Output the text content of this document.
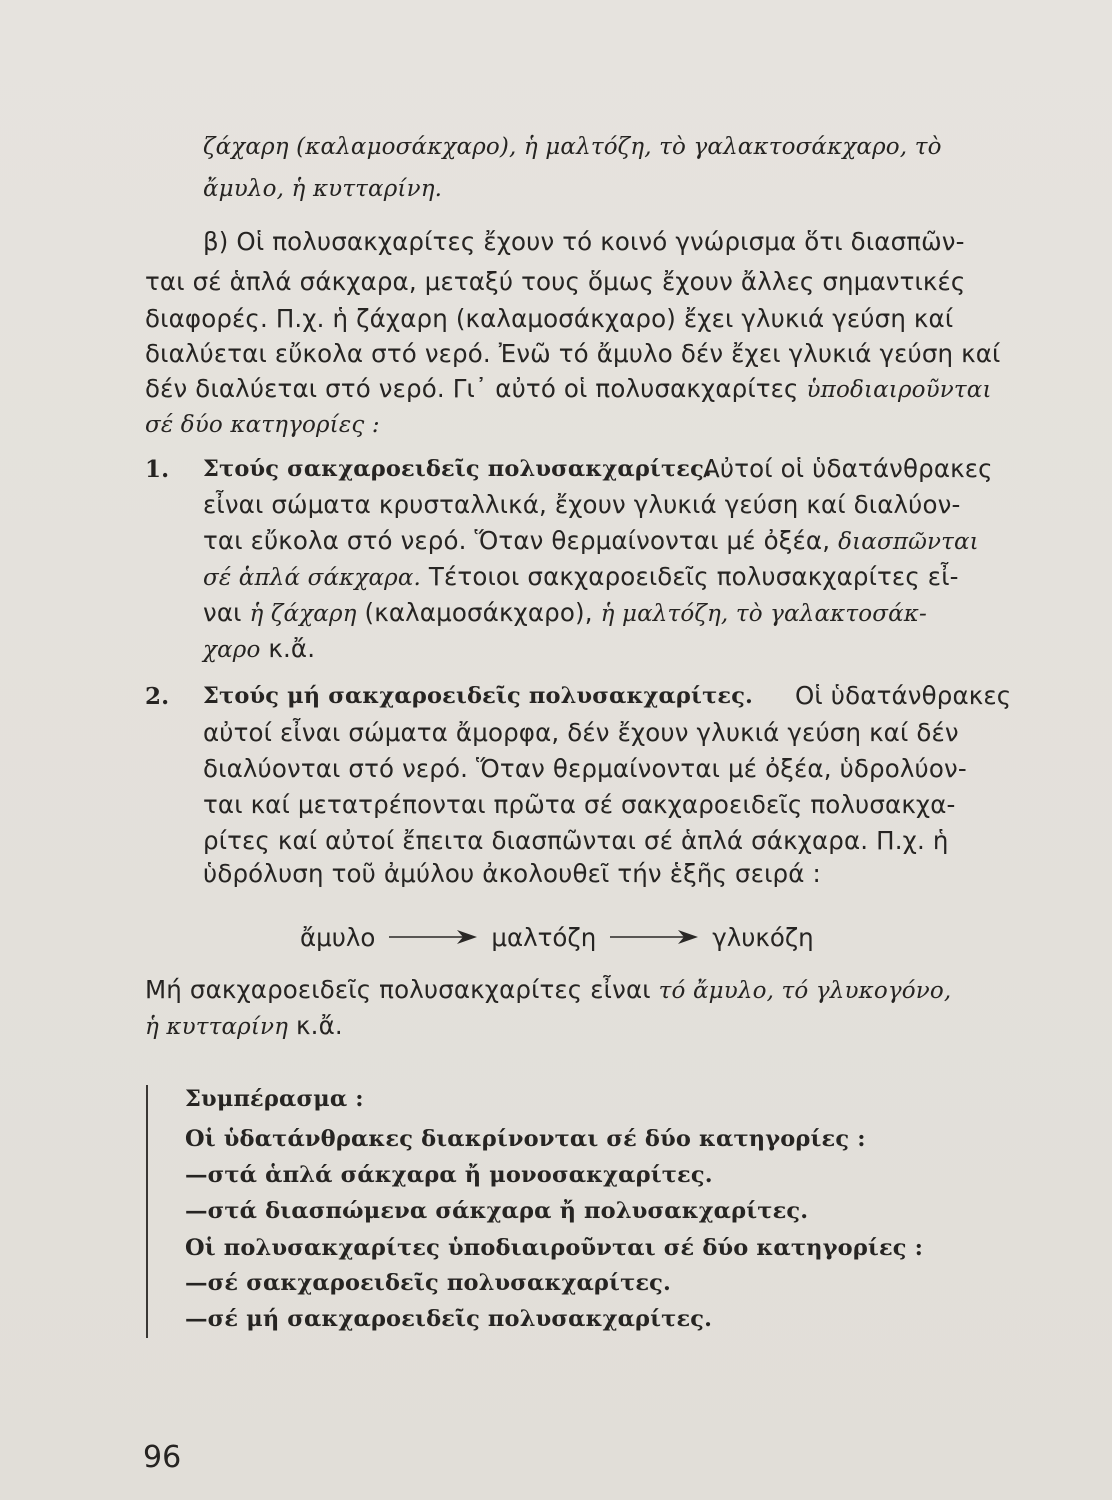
ζάχαρη (καλαμοσάκχαρο), ἡ μαλτόζη, τὸ γαλακτοσάκχαρο, τὸ
ἄμυλο, ἡ κυτταρίνη.
β) Οἱ πολυσακχαρίτες ἔχουν τό κοινό γνώρισμα ὅτι διασπῶν-
ται σέ ἁπλά σάκχαρα, μεταξύ τους ὅμως ἔχουν ἄλλες σημαντικές
διαφορές. Π.χ. ἡ ζάχαρη (καλαμοσάκχαρο) ἔχει γλυκιά γεύση καί
διαλύεται εὔκολα στό νερό. Ἐνῶ τό ἄμυλο δέν ἔχει γλυκιά γεύση καί
δέν διαλύεται στό νερό. Γι᾿ αὐτό οἱ πολυσακχαρίτες ὑποδιαιροῦνται
σέ δύο κατηγορίες :
1. Στούς σακχαροειδεῖς πολυσακχαρίτες.
Αὐτοί οἱ ὑδατάνθρακες
εἶναι σώματα κρυσταλλικά, ἔχουν γλυκιά γεύση καί διαλύον-
ται εὔκολα στό νερό. Ὅταν θερμαίνονται μέ ὀξέα, διασπῶνται
σέ ἁπλά σάκχαρα. Τέτοιοι σακχαροειδεῖς πολυσακχαρίτες εἶ-
ναι ἡ ζάχαρη (καλαμοσάκχαρο), ἡ μαλτόζη, τὸ γαλακτοσάκ-
χαρο κ.ἄ.
2. Στούς μή σακχαροειδεῖς πολυσακχαρίτες. Οἱ ὑδατάνθρακες
αὐτοί εἶναι σώματα ἄμορφα, δέν ἔχουν γλυκιά γεύση καί δέν
διαλύονται στό νερό. Ὅταν θερμαίνονται μέ ὀξέα, ὑδρολύον-
ται καί μετατρέπονται πρῶτα σέ σακχαροειδεῖς πολυσακχα-
ρίτες καί αὐτοί ἔπειτα διασπῶνται σέ ἁπλά σάκχαρα. Π.χ. ἡ
ὑδρόλυση τοῦ ἀμύλου ἀκολουθεῖ τήν ἑξῆς σειρά :
ἄμυλο	μαλτόζη	γλυκόζη
Μή σακχαροειδεῖς πολυσακχαρίτες εἶναι τό ἄμυλο, τό γλυκογόνο,
ἡ κυτταρίνη κ.ἄ.
Συμπέρασμα :
Οἱ ὑδατάνθρακες διακρίνονται σέ δύο κατηγορίες :
—στά ἁπλά σάκχαρα ἤ μονοσακχαρίτες.
—στά διασπώμενα σάκχαρα ἤ πολυσακχαρίτες.
Οἱ πολυσακχαρίτες ὑποδιαιροῦνται σέ δύο κατηγορίες :
—σέ σακχαροειδεῖς πολυσακχαρίτες.
—σέ μή σακχαροειδεῖς πολυσακχαρίτες.
96
